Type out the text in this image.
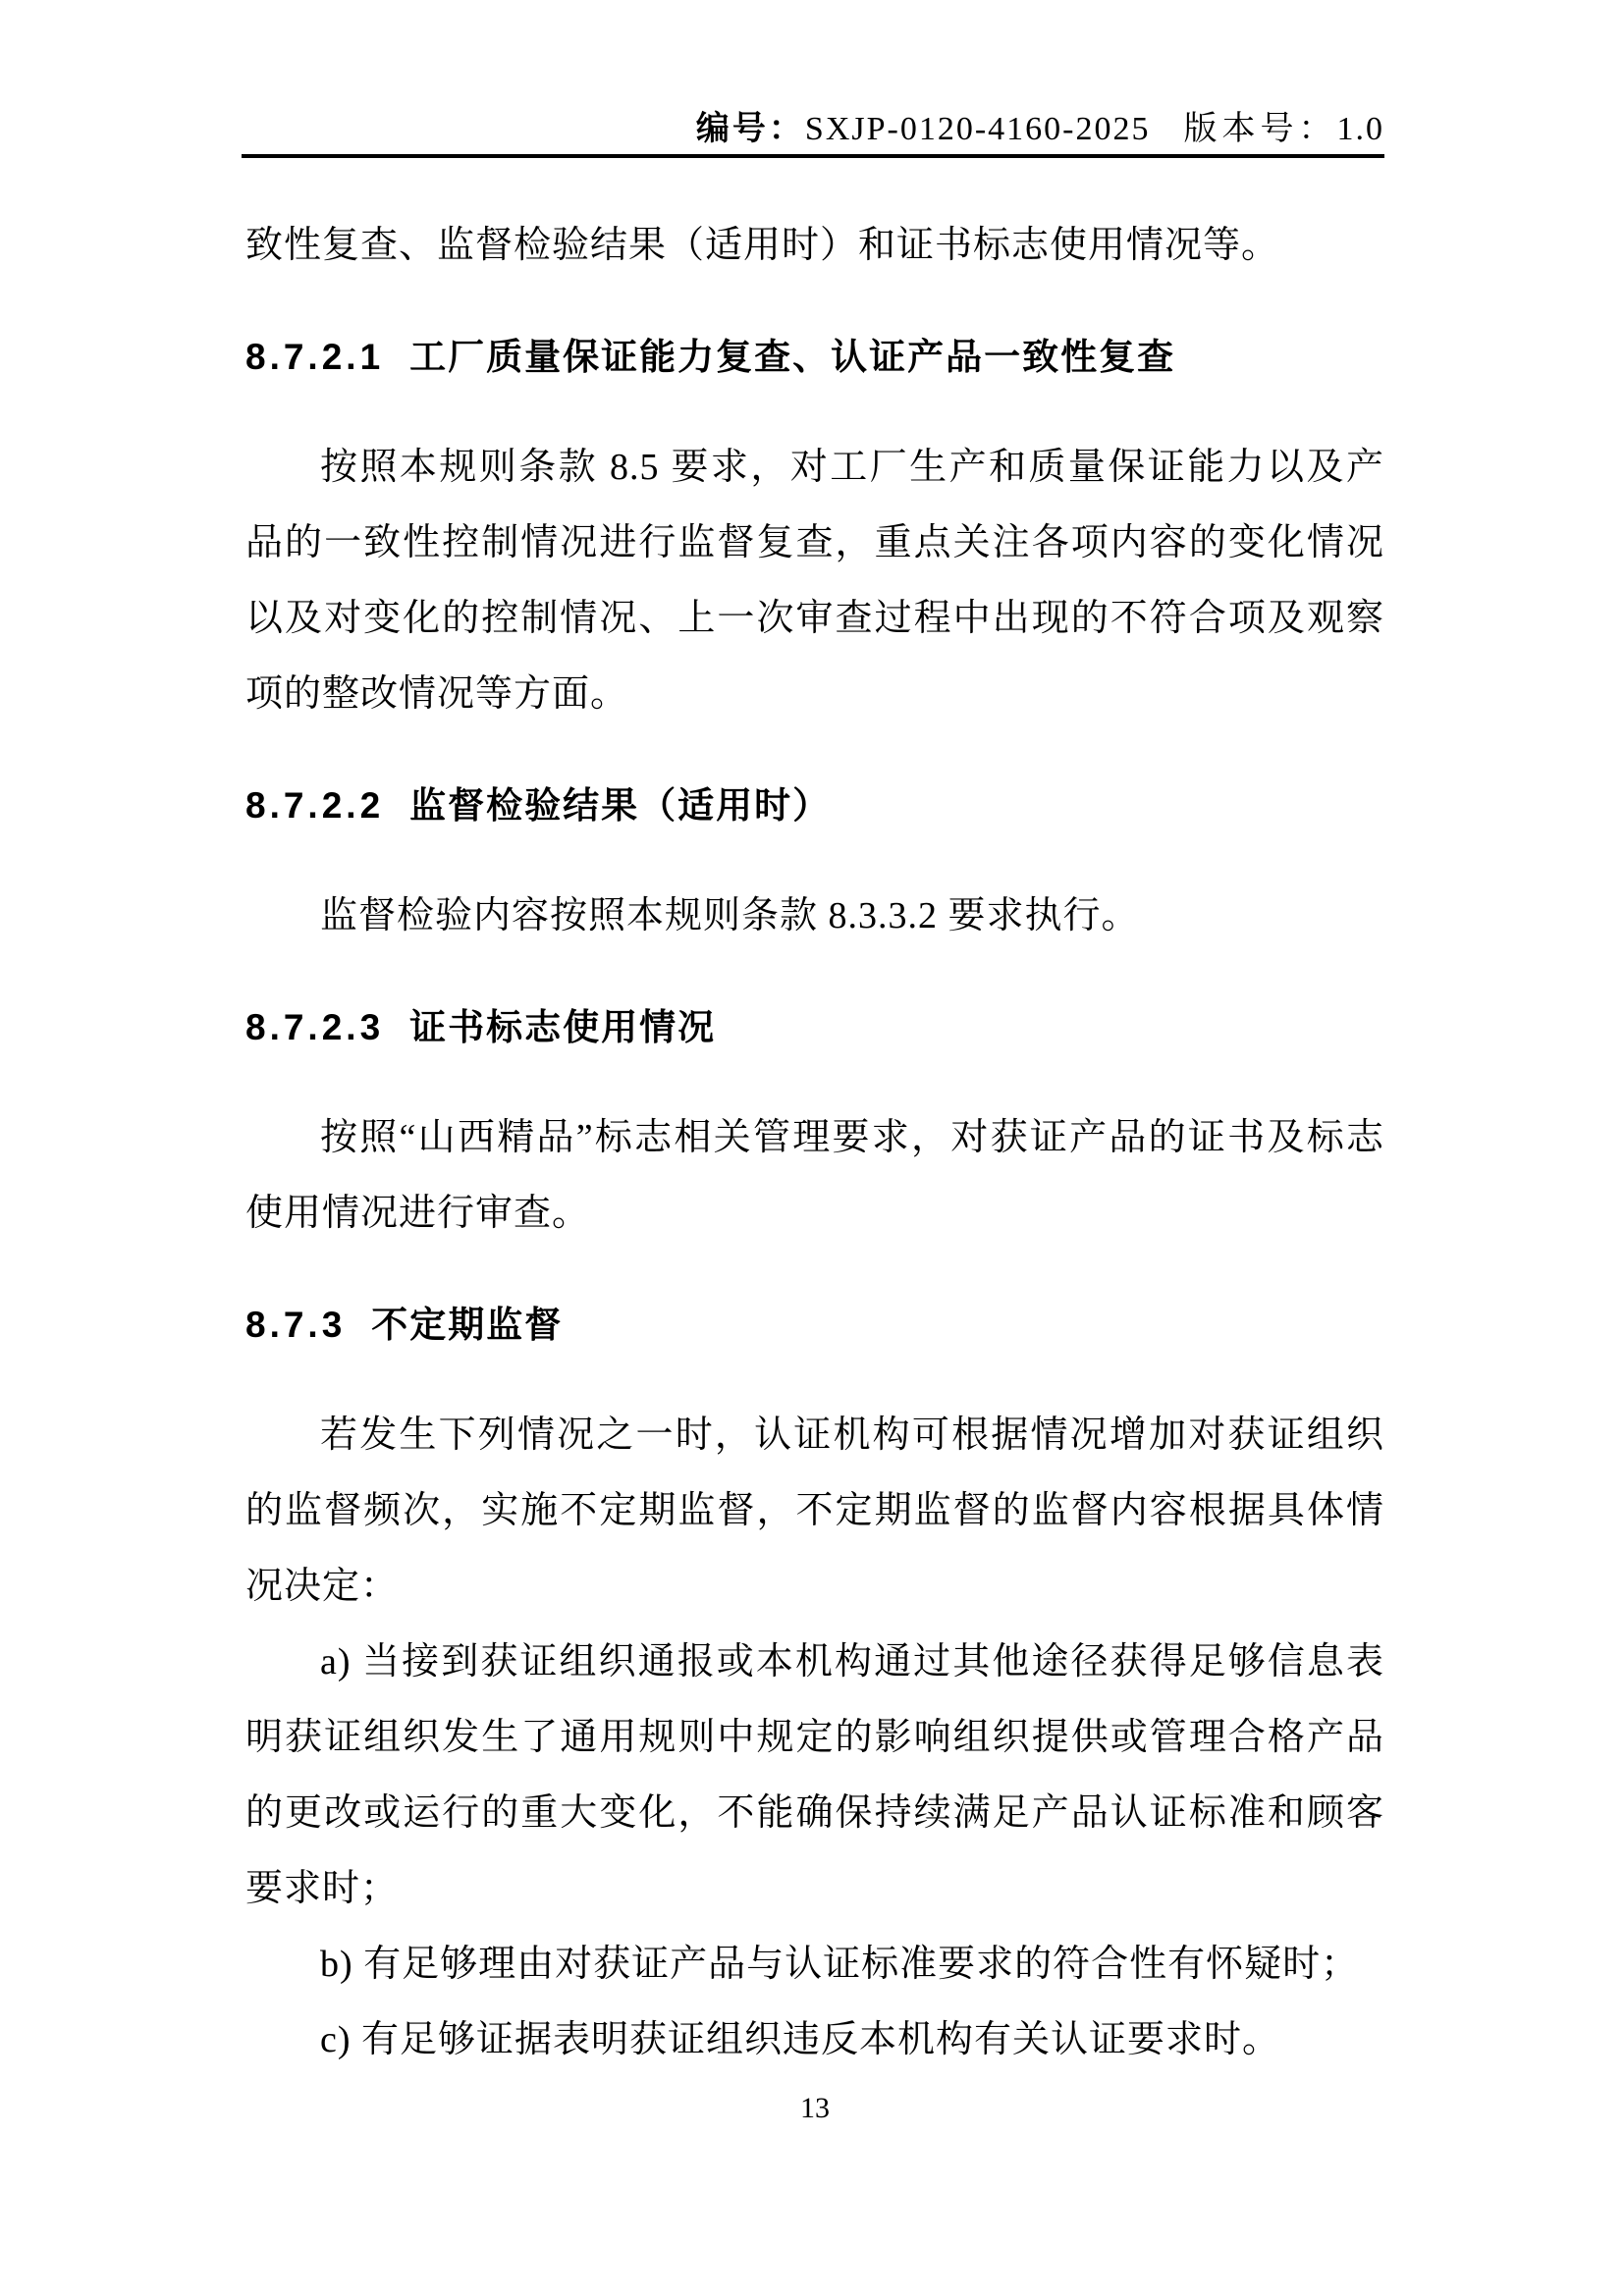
编号：SXJP-0120-4160-2025 版本号：1.0

致性复查、监督检验结果（适用时）和证书标志使用情况等。

8.7.2.1 工厂质量保证能力复查、认证产品一致性复查

按照本规则条款 8.5 要求，对工厂生产和质量保证能力以及产品的一致性控制情况进行监督复查，重点关注各项内容的变化情况以及对变化的控制情况、上一次审查过程中出现的不符合项及观察项的整改情况等方面。

8.7.2.2 监督检验结果（适用时）

监督检验内容按照本规则条款 8.3.3.2 要求执行。

8.7.2.3 证书标志使用情况

按照“山西精品”标志相关管理要求，对获证产品的证书及标志使用情况进行审查。

8.7.3 不定期监督

若发生下列情况之一时，认证机构可根据情况增加对获证组织的监督频次，实施不定期监督，不定期监督的监督内容根据具体情况决定：

a) 当接到获证组织通报或本机构通过其他途径获得足够信息表明获证组织发生了通用规则中规定的影响组织提供或管理合格产品的更改或运行的重大变化，不能确保持续满足产品认证标准和顾客要求时；

b) 有足够理由对获证产品与认证标准要求的符合性有怀疑时；

c) 有足够证据表明获证组织违反本机构有关认证要求时。

13
